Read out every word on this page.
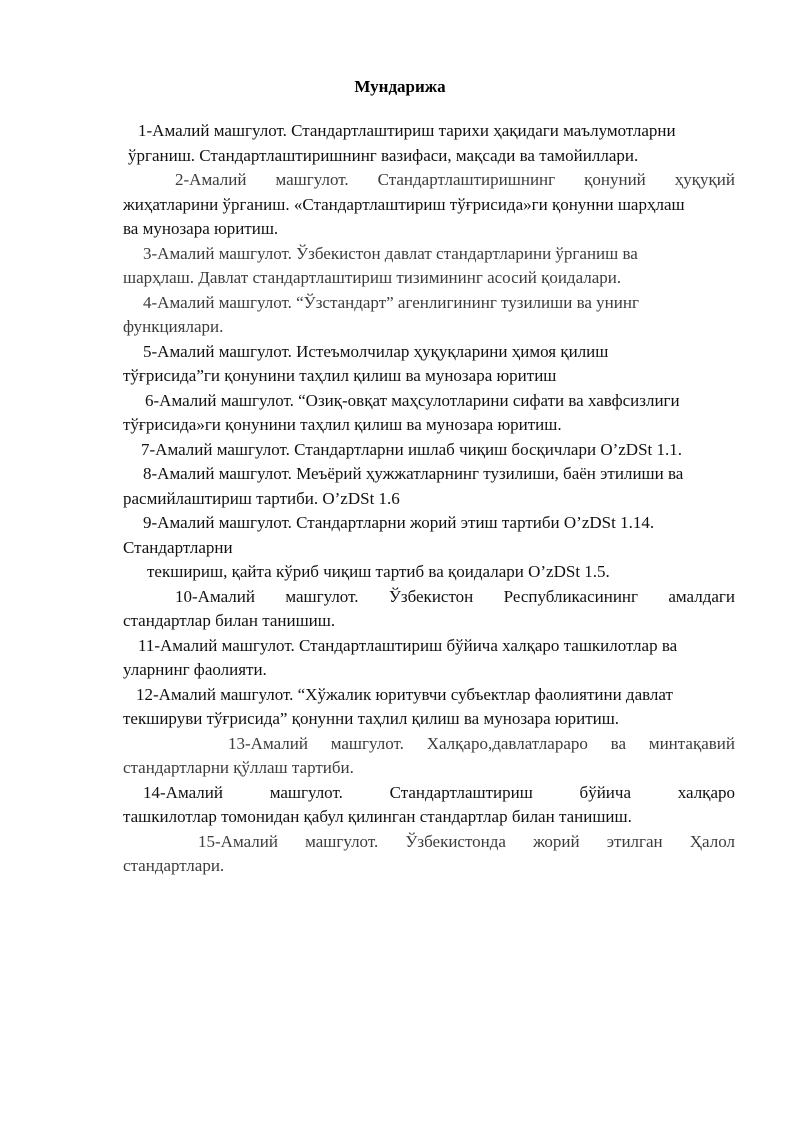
Мундарижа

1-Амалий машгулот. Стандартлаштириш тарихи ҳақидаги маълумотларни
ўрганиш. Стандартлаштиришнинг вазифаси, мақсади ва тамойиллари.

2-Амалий машгулот. Стандартлаштиришнинг қонуний ҳуқуқий
жиҳатларини ўрганиш. «Стандартлаштириш тўғрисида»ги қонунни шарҳлаш
ва мунозара юритиш.

3-Амалий машгулот. Ўзбекистон давлат стандартларини ўрганиш ва
шарҳлаш. Давлат стандартлаштириш тизимининг асосий қоидалари.

4-Амалий машгулот. “Ўзстандарт” агенлигининг тузилиши ва унинг
функциялари.

5-Амалий машгулот. Истеъмолчилар ҳуқуқларини ҳимоя қилиш
тўғрисида”ги қонунини таҳлил қилиш ва мунозара юритиш

6-Амалий машгулот. “Озиқ-овқат маҳсулотларини сифати ва хавфсизлиги
тўғрисида»ги қонунини таҳлил қилиш ва мунозара юритиш.

7-Амалий машгулот. Стандартларни ишлаб чиқиш босқичлари O’zDSt 1.1.

8-Амалий машгулот. Меъёрий ҳужжатларнинг тузилиши, баён этилиши ва
расмийлаштириш тартиби. O’zDSt 1.6

9-Амалий машгулот. Стандартларни жорий этиш тартиби O’zDSt 1.14.
Стандартларни
текшириш, қайта кўриб чиқиш тартиб ва қоидалари O’zDSt 1.5.

10-Амалий машгулот. Ўзбекистон Республикасининг амалдаги
стандартлар билан танишиш.

11-Амалий машгулот. Стандартлаштириш бўйича халқаро ташкилотлар ва
уларнинг фаолияти.

12-Амалий машгулот. “Хўжалик юритувчи субъектлар фаолиятини давлат
текшируви тўғрисида” қонунни таҳлил қилиш ва мунозара юритиш.

13-Амалий машгулот. Халқаро,давлатлараро ва минтақавий
стандартларни қўллаш тартиби.

14-Амалий машгулот. Стандартлаштириш бўйича халқаро
ташкилотлар томонидан қабул қилинган стандартлар билан танишиш.

15-Амалий машгулот. Ўзбекистонда жорий этилган Ҳалол
стандартлари.
